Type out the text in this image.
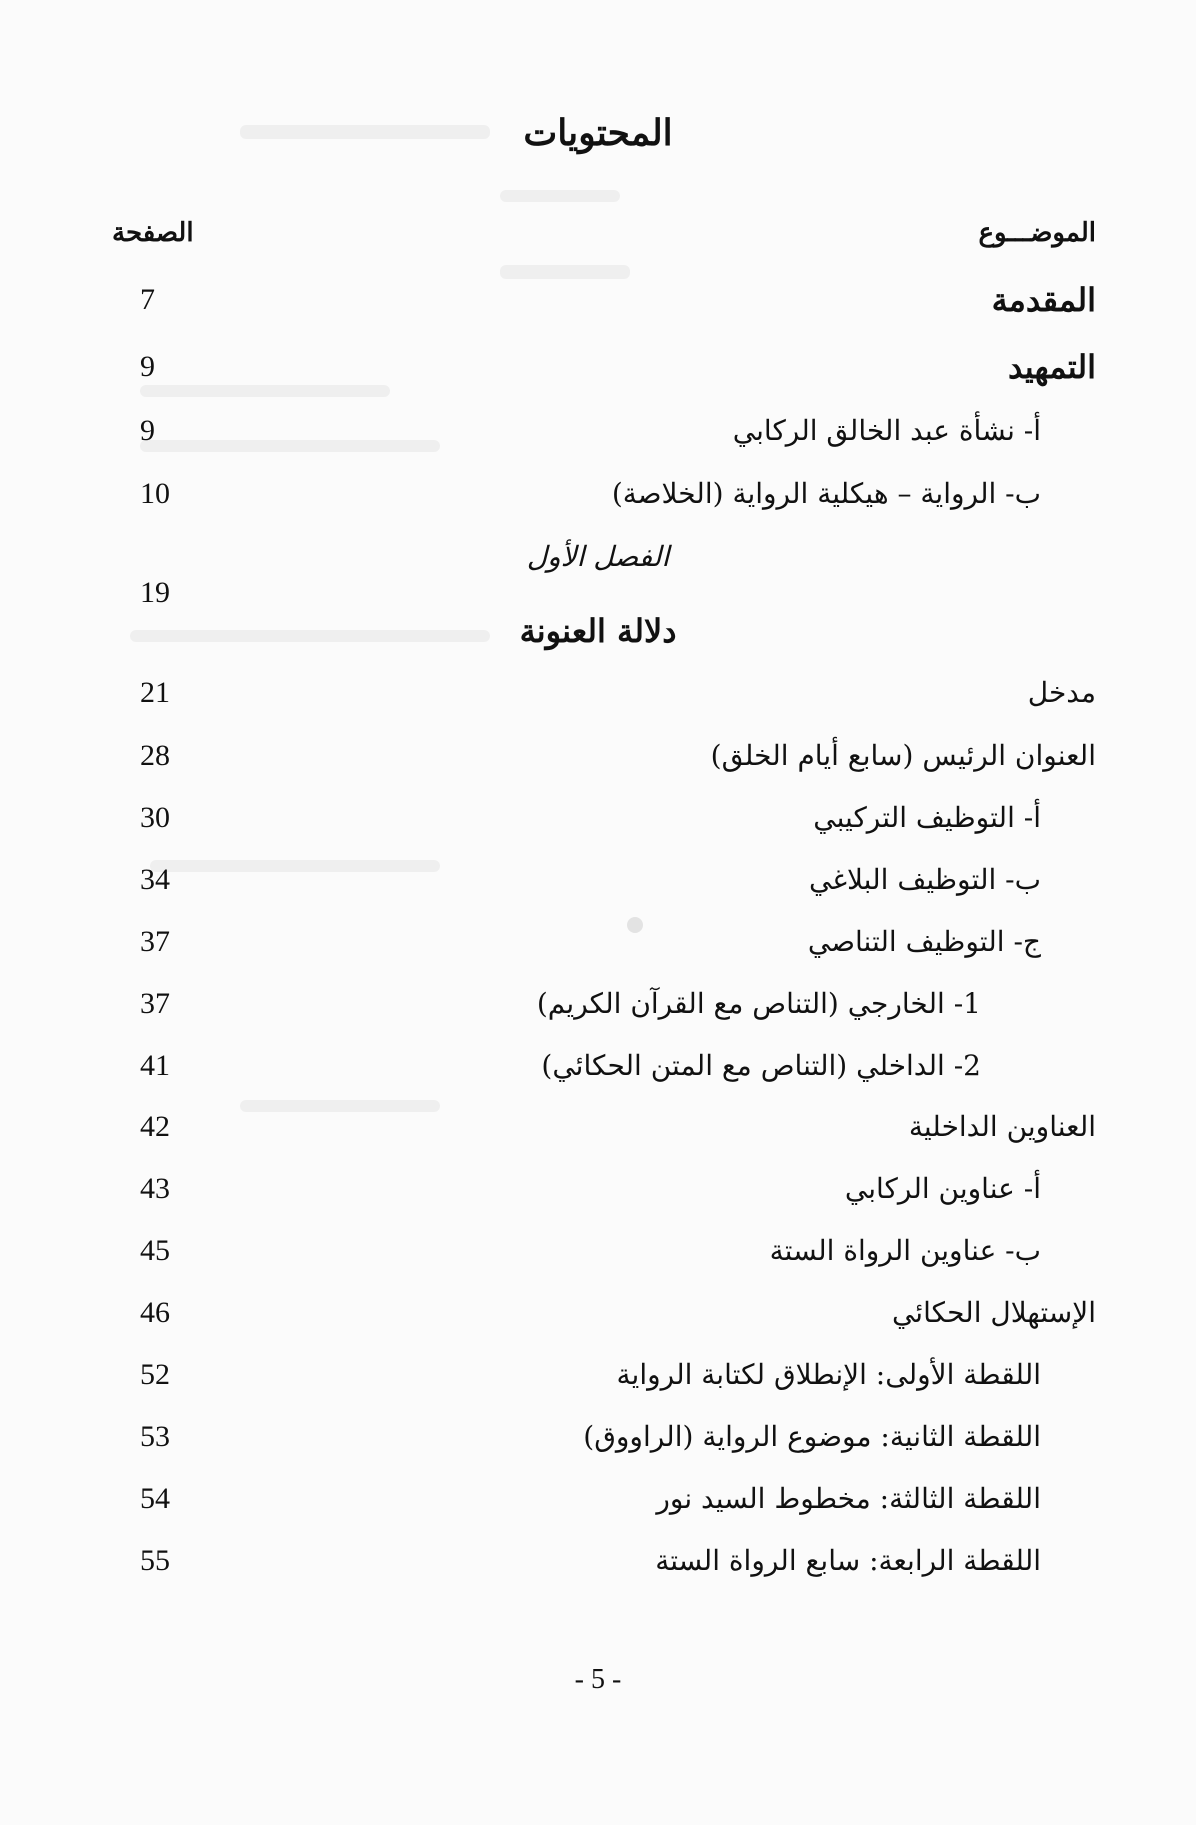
المحتويات
الموضـــوع
الصفحة
المقدمة
7
التمهيد
9
أ- نشأة عبد الخالق الركابي
9
ب- الرواية – هيكلية الرواية (الخلاصة)
10
الفصل الأول
19
دلالة العنونة
مدخل
21
العنوان الرئيس (سابع أيام الخلق)
28
أ- التوظيف التركيبي
30
ب- التوظيف البلاغي
34
ج- التوظيف التناصي
37
1- الخارجي (التناص مع القرآن الكريم)
37
2- الداخلي (التناص مع المتن الحكائي)
41
العناوين الداخلية
42
أ- عناوين الركابي
43
ب- عناوين الرواة الستة
45
الإستهلال الحكائي
46
اللقطة الأولى: الإنطلاق لكتابة الرواية
52
اللقطة الثانية: موضوع الرواية (الراووق)
53
اللقطة الثالثة: مخطوط السيد نور
54
اللقطة الرابعة: سابع الرواة الستة
55
- 5 -
